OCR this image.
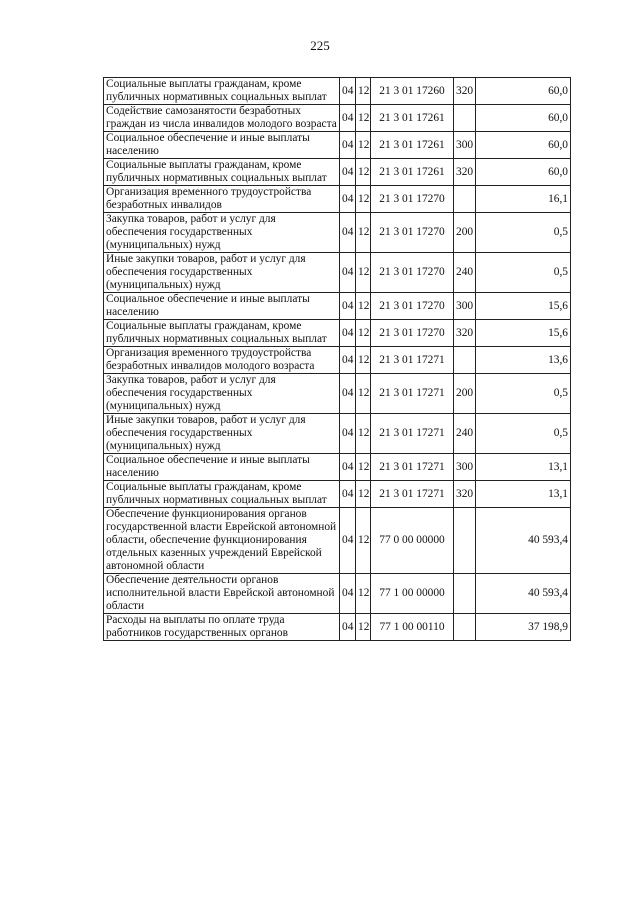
225
Социальные выплаты гражданам, кроме публичных нормативных социальных выплат	04	12	21 3 01 17260	320	60,0
Содействие самозанятости безработных граждан из числа инвалидов молодого возраста	04	12	21 3 01 17261		60,0
Социальное обеспечение и иные выплаты населению	04	12	21 3 01 17261	300	60,0
Социальные выплаты гражданам, кроме публичных нормативных социальных выплат	04	12	21 3 01 17261	320	60,0
Организация временного трудоустройства безработных инвалидов	04	12	21 3 01 17270		16,1
Закупка товаров, работ и услуг для обеспечения государственных (муниципальных) нужд	04	12	21 3 01 17270	200	0,5
Иные закупки товаров, работ и услуг для обеспечения государственных (муниципальных) нужд	04	12	21 3 01 17270	240	0,5
Социальное обеспечение и иные выплаты населению	04	12	21 3 01 17270	300	15,6
Социальные выплаты гражданам, кроме публичных нормативных социальных выплат	04	12	21 3 01 17270	320	15,6
Организация временного трудоустройства безработных инвалидов молодого возраста	04	12	21 3 01 17271		13,6
Закупка товаров, работ и услуг для обеспечения государственных (муниципальных) нужд	04	12	21 3 01 17271	200	0,5
Иные закупки товаров, работ и услуг для обеспечения государственных (муниципальных) нужд	04	12	21 3 01 17271	240	0,5
Социальное обеспечение и иные выплаты населению	04	12	21 3 01 17271	300	13,1
Социальные выплаты гражданам, кроме публичных нормативных социальных выплат	04	12	21 3 01 17271	320	13,1
Обеспечение функционирования органов государственной власти Еврейской автономной области, обеспечение функционирования отдельных казенных учреждений Еврейской автономной области	04	12	77 0 00 00000		40 593,4
Обеспечение деятельности органов исполнительной власти Еврейской автономной области	04	12	77 1 00 00000		40 593,4
Расходы на выплаты по оплате труда работников государственных органов	04	12	77 1 00 00110		37 198,9
